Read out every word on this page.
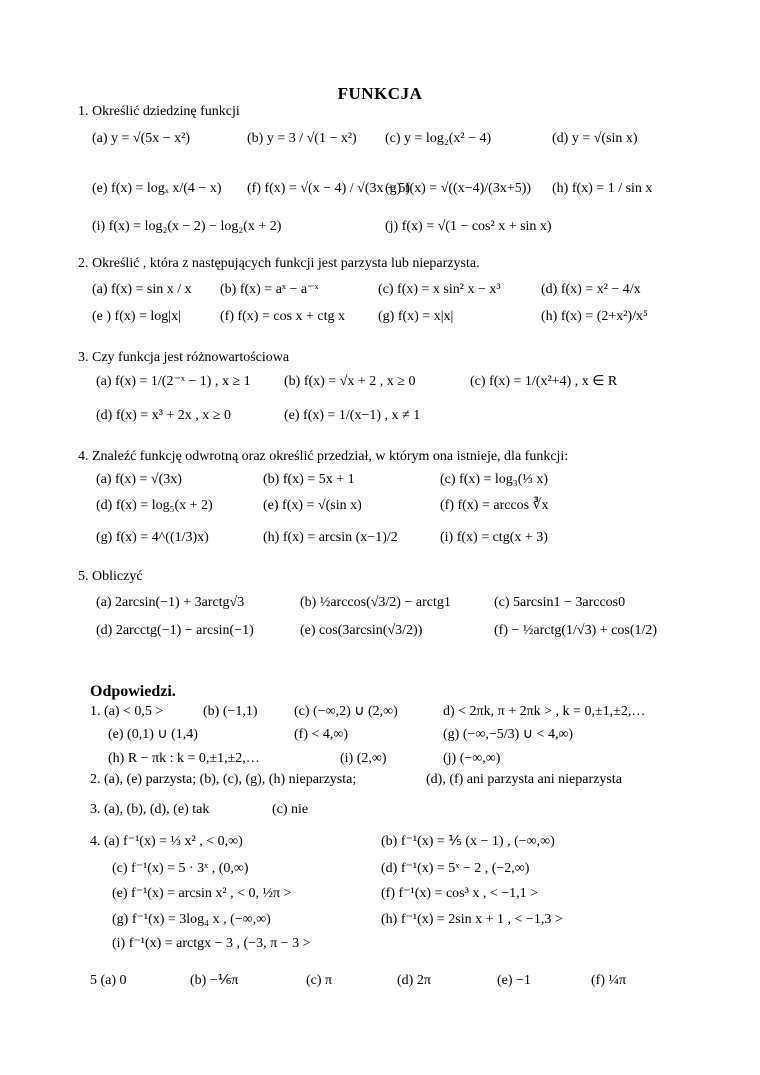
FUNKCJA
1. Określić dziedzinę funkcji
(a) y = √(5x − x²)	(b) y = 3 / √(1 − x²) (c) y = log₂(x² − 4)	(d) y = √(sin x)
(e) f(x) = logₓ x/(4 − x) (f) f(x) = √(x − 4) / √(3x + 5)
(g) f(x) = √((x−4)/(3x+5)) (h) f(x) = 1 / sin x
(i) f(x) = log₂(x − 2) − log₂(x + 2)	(j) f(x) = √(1 − cos² x + sin x)
2. Określić , która z następujących funkcji jest parzysta lub nieparzysta.
(a) f(x) = sin x / x (b) f(x) = aˣ − a⁻ˣ	(c) f(x) = x sin² x − x³	(d) f(x) = x² − 4/x
(e ) f(x) = log|x|	(f) f(x) = cos x + ctg x (g) f(x) = x|x|	(h) f(x) = (2+x²)/x⁵
3. Czy funkcja jest różnowartościowa
(a) f(x) = 1/(2⁻ˣ − 1) , x ≥ 1 (b) f(x) = √x + 2 , x ≥ 0	(c) f(x) = 1/(x²+4) , x ∈ R
(d) f(x) = x³ + 2x , x ≥ 0	(e) f(x) = 1/(x−1) , x ≠ 1
4. Znaleźć funkcję odwrotną oraz określić przedział, w którym ona istnieje, dla funkcji:
(a) f(x) = √(3x)	(b) f(x) = 5x + 1	(c) f(x) = log₃(⅓ x)
(d) f(x) = log₅(x + 2)	(e) f(x) = √(sin x)	(f) f(x) = arccos ∛x
(g) f(x) = 4^((1/3)x)	(h) f(x) = arcsin (x−1)/2	(i) f(x) = ctg(x + 3)
5. Obliczyć
(a) 2arcsin(−1) + 3arctg√3	(b) ½arccos(√3/2) − arctg1	(c) 5arcsin1 − 3arccos0
(d) 2arcctg(−1) − arcsin(−1)	(e) cos(3arcsin(√3/2))	(f) − ½arctg(1/√3) + cos(1/2)
Odpowiedzi.
1. (a) < 0,5 >	(b) (−1,1)	(c) (−∞,2) ∪ (2,∞)	d) < 2πk, π + 2πk > , k = 0,±1,±2,…
(e) (0,1) ∪ (1,4)	(f) < 4,∞)	(g) (−∞,−5/3) ∪ < 4,∞)
(h) R − πk : k = 0,±1,±2,…	(i) (2,∞)	(j) (−∞,∞)
2. (a), (e) parzysta; (b), (c), (g), (h) nieparzysta;	(d), (f) ani parzysta ani nieparzysta
3. (a), (b), (d), (e) tak	(c) nie
4. (a) f⁻¹(x) = ⅓ x² , < 0,∞)	(b) f⁻¹(x) = ⅕ (x − 1) , (−∞,∞)
(c) f⁻¹(x) = 5 · 3ˣ , (0,∞)	(d) f⁻¹(x) = 5ˣ − 2 , (−2,∞)
(e) f⁻¹(x) = arcsin x² , < 0, ½π >	(f) f⁻¹(x) = cos³ x , < −1,1 >
(g) f⁻¹(x) = 3log₄ x , (−∞,∞)	(h) f⁻¹(x) = 2sin x + 1 , < −1,3 >
(i) f⁻¹(x) = arctgx − 3 , (−3, π − 3 >
5 (a) 0	(b) −⅙π	(c) π	(d) 2π	(e) −1	(f) ¼π
